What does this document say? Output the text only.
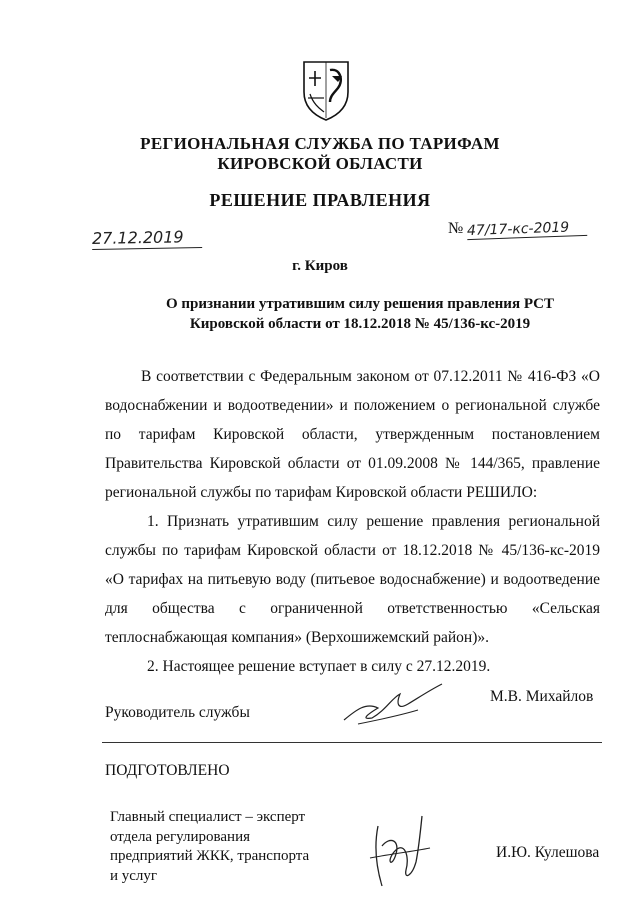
РЕГИОНАЛЬНАЯ СЛУЖБА ПО ТАРИФАМ
КИРОВСКОЙ ОБЛАСТИ
РЕШЕНИЕ ПРАВЛЕНИЯ
27.12.2019	№ 47/17-кс-2019
г. Киров
О признании утратившим силу решения правления РСТ
Кировской области от 18.12.2018 № 45/136-кс-2019

В соответствии с Федеральным законом от 07.12.2011 № 416-ФЗ «О водоснабжении и водоотведении» и положением о региональной службе по тарифам Кировской области, утвержденным постановлением Правительства Кировской области от 01.09.2008 № 144/365, правление региональной службы по тарифам Кировской области РЕШИЛО:

1. Признать утратившим силу решение правления региональной службы по тарифам Кировской области от 18.12.2018 № 45/136-кс-2019 «О тарифах на питьевую воду (питьевое водоснабжение) и водоотведение для общества с ограниченной ответственностью «Сельская теплоснабжающая компания» (Верхошижемский район)».

2. Настоящее решение вступает в силу с 27.12.2019.

Руководитель службы
М.В. Михайлов
ПОДГОТОВЛЕНО
Главный специалист – эксперт
отдела регулирования
предприятий ЖКК, транспорта
и услуг
И.Ю. Кулешова
